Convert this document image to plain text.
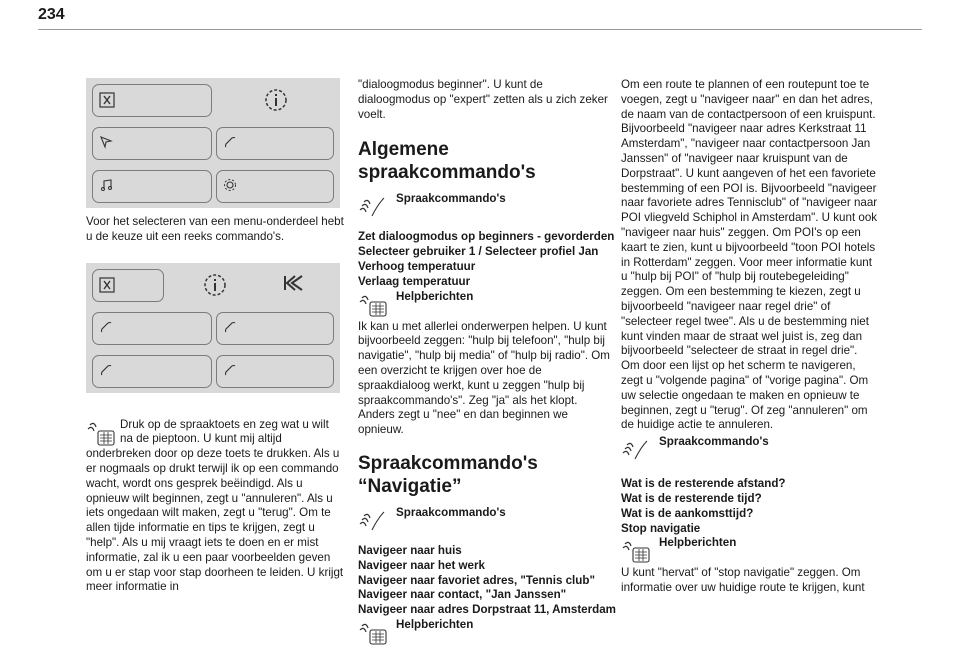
234

Voor het selecteren van een menu-onderdeel hebt u de keuze uit een reeks commando's.

Druk op de spraaktoets en zeg wat u wilt na de pieptoon. U kunt mij altijd onderbreken door op deze toets te drukken. Als u er nogmaals op drukt terwijl ik op een commando wacht, wordt ons gesprek beëindigd. Als u opnieuw wilt beginnen, zegt u "annuleren". Als u iets ongedaan wilt maken, zegt u "terug". Om te allen tijde informatie en tips te krijgen, zegt u "help". Als u mij vraagt iets te doen en er mist informatie, zal ik u een paar voorbeelden geven om u er stap voor stap doorheen te leiden. U krijgt meer informatie in

"dialoogmodus beginner". U kunt de dialoogmodus op "expert" zetten als u zich zeker voelt.

Algemene spraakcommando's
Spraakcommando's
Zet dialoogmodus op beginners - gevorderden
Selecteer gebruiker 1 / Selecteer profiel Jan
Verhoog temperatuur
Verlaag temperatuur
Helpberichten

Ik kan u met allerlei onderwerpen helpen. U kunt bijvoorbeeld zeggen: "hulp bij telefoon", "hulp bij navigatie", "hulp bij media" of "hulp bij radio". Om een overzicht te krijgen over hoe de spraakdialoog werkt, kunt u zeggen "hulp bij spraakcommando's". Zeg "ja" als het klopt. Anders zegt u "nee" en dan beginnen we opnieuw.

Spraakcommando's
“Navigatie”
Spraakcommando's
Navigeer naar huis
Navigeer naar het werk
Navigeer naar favoriet adres, "Tennis club"
Navigeer naar contact, "Jan Janssen"
Navigeer naar adres Dorpstraat 11, Amsterdam
Helpberichten

Om een route te plannen of een routepunt toe te voegen, zegt u "navigeer naar" en dan het adres, de naam van de contactpersoon of een kruispunt. Bijvoorbeeld "navigeer naar adres Kerkstraat 11 Amsterdam", "navigeer naar contactpersoon Jan Janssen" of "navigeer naar kruispunt van de Dorpstraat". U kunt aangeven of het een favoriete bestemming of een POI is. Bijvoorbeeld "navigeer naar favoriete adres Tennisclub" of "navigeer naar POI vliegveld Schiphol in Amsterdam". U kunt ook "navigeer naar huis" zeggen. Om POI's op een kaart te zien, kunt u bijvoorbeeld "toon POI hotels in Rotterdam" zeggen. Voor meer informatie kunt u "hulp bij POI" of "hulp bij routebegeleiding" zeggen. Om een bestemming te kiezen, zegt u bijvoorbeeld "navigeer naar regel drie" of "selecteer regel twee". Als u de bestemming niet kunt vinden maar de straat wel juist is, zeg dan bijvoorbeeld "selecteer de straat in regel drie". Om door een lijst op het scherm te navigeren, zegt u "volgende pagina" of "vorige pagina". Om uw selectie ongedaan te maken en opnieuw te beginnen, zegt u "terug". Of zeg "annuleren" om de huidige actie te annuleren.

Spraakcommando's
Wat is de resterende afstand?
Wat is de resterende tijd?
Wat is de aankomsttijd?
Stop navigatie
Helpberichten

U kunt "hervat" of "stop navigatie" zeggen. Om informatie over uw huidige route te krijgen, kunt
